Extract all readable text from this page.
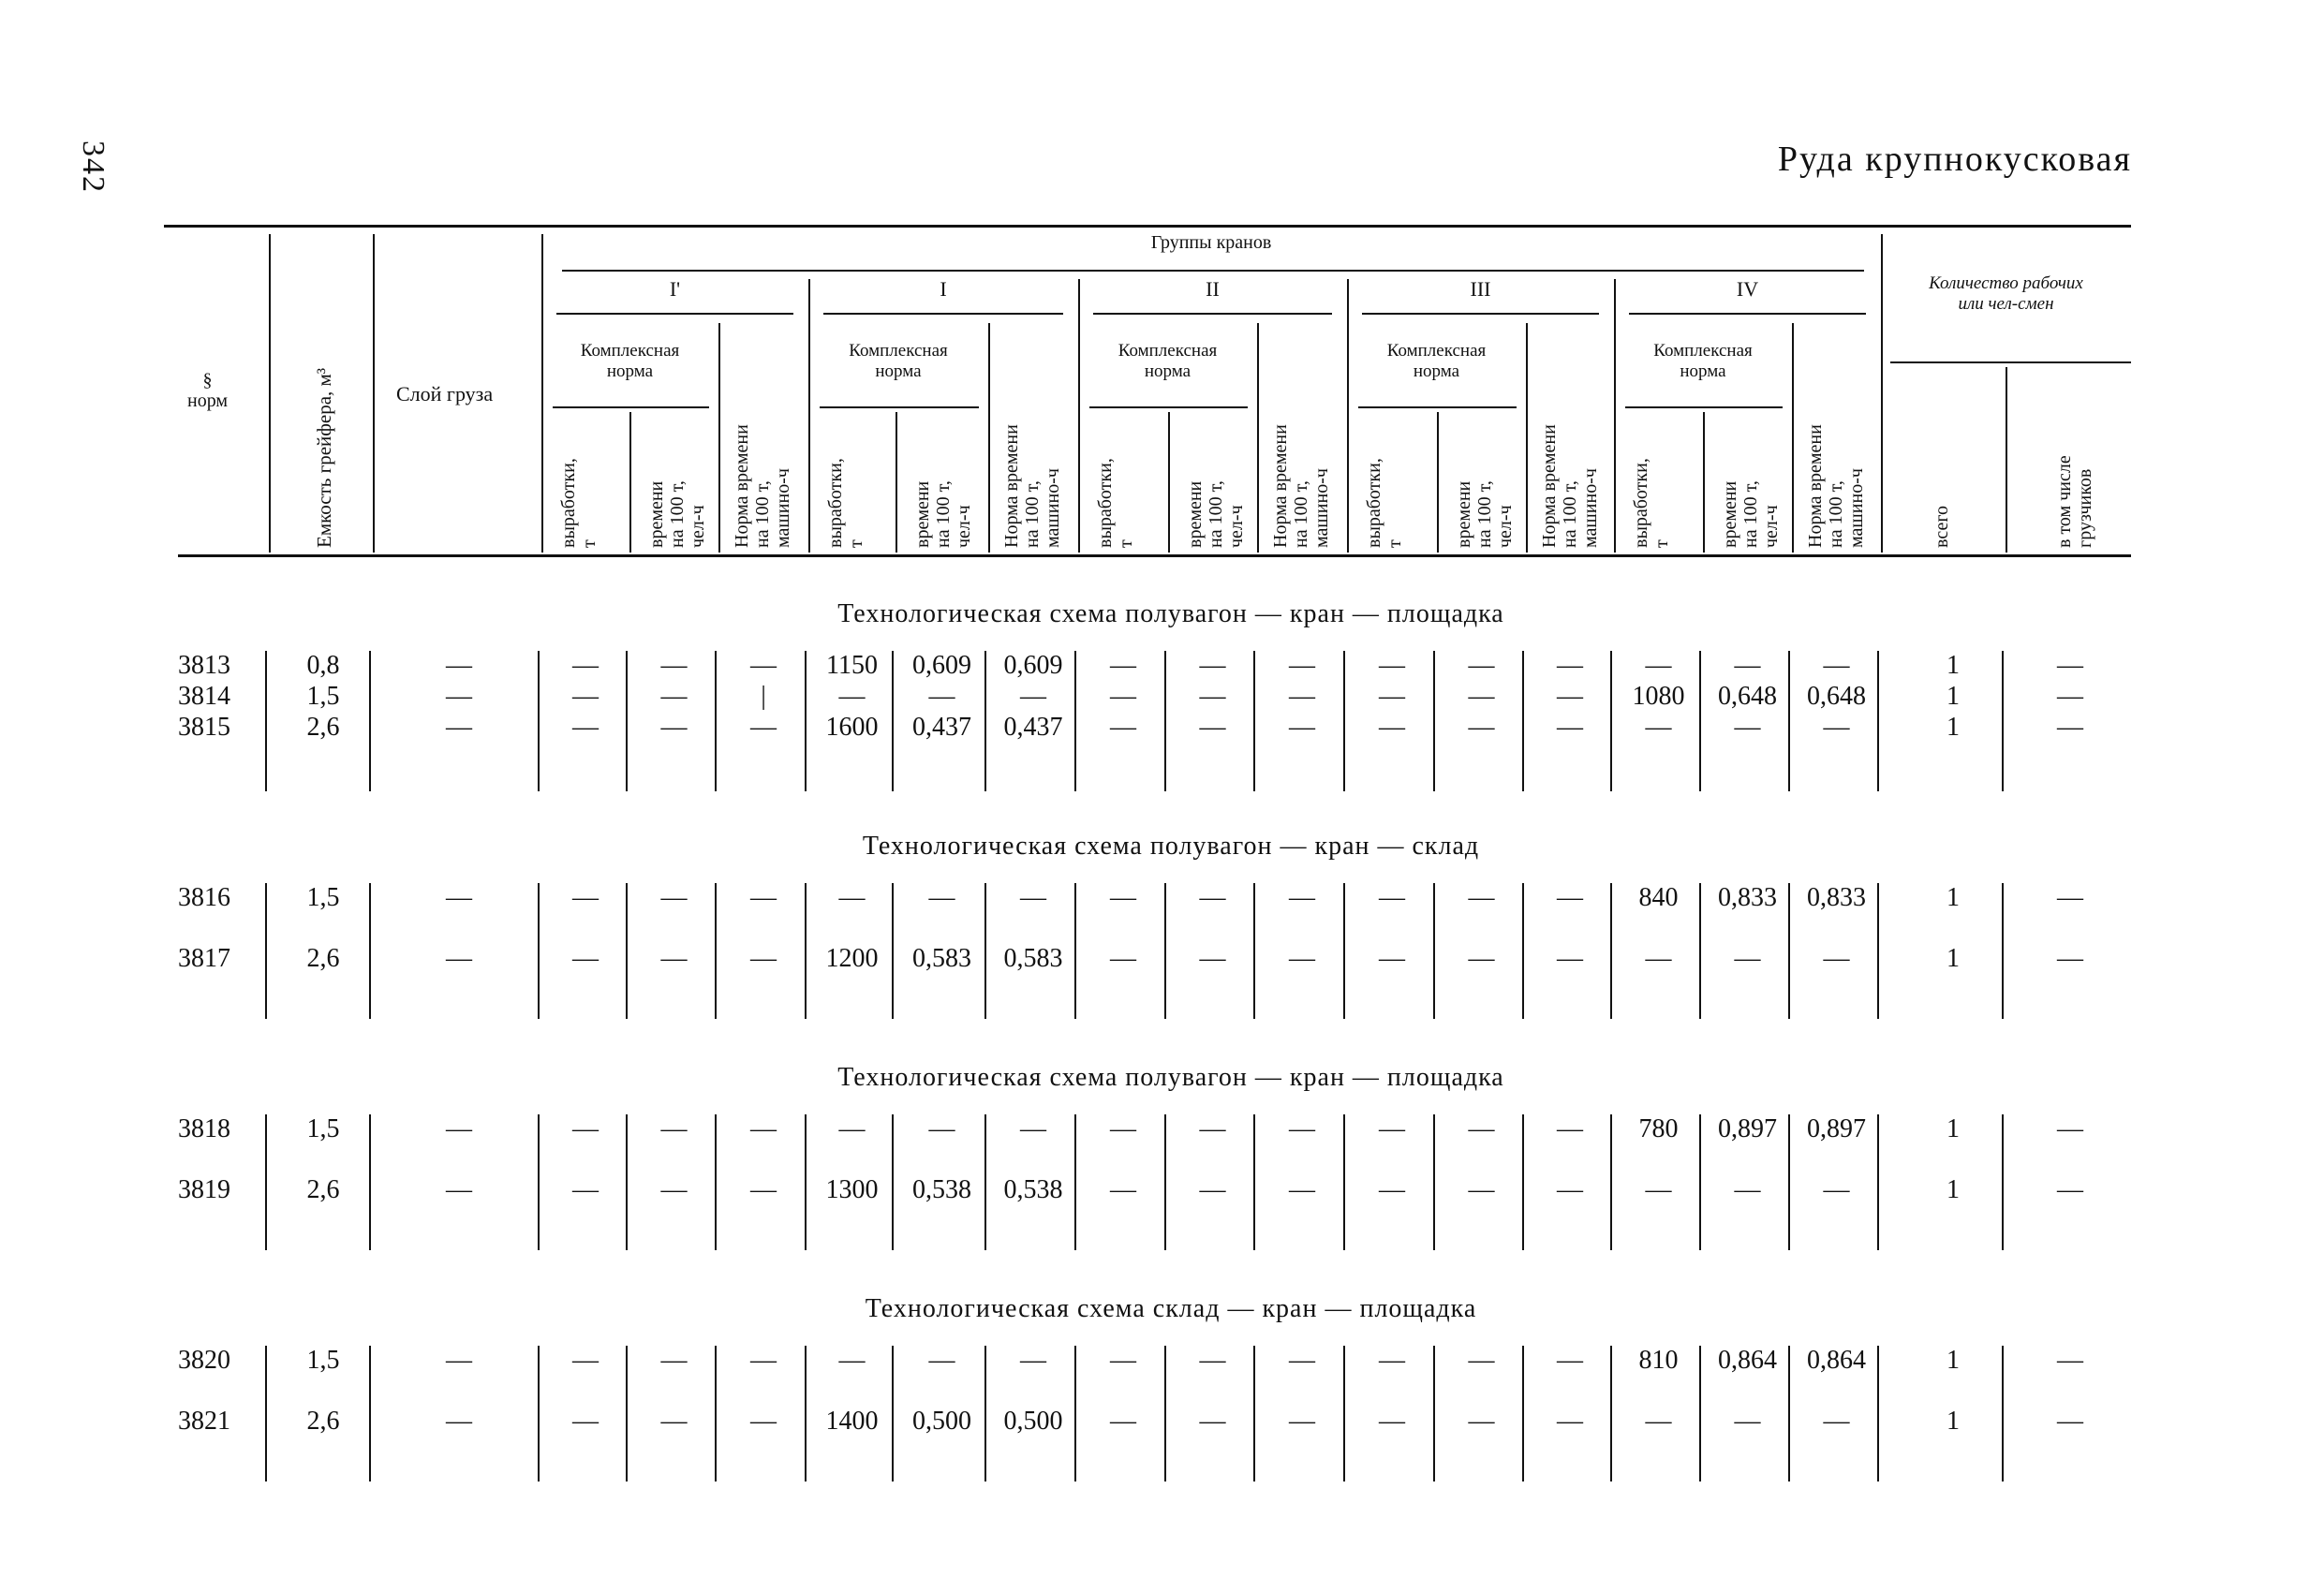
342	Руда крупнокусковая
Группы кранов
I'
Комплексная
норма
выработки,
т	времени
на 100 т,
чел-ч Норма времени
на 100 т,
машино-ч
I
Комплексная
норма
выработки,
т времени
на 100 т,
чел-ч Норма времени
на 100 т,
машино-ч
II
Комплексная
норма
выработки,
т	времени
на 100 т,
чел-ч Норма времени
на 100 т,
машино-ч
III
Комплексная
норма
выработки,
т	времени
на 100 т,
чел-ч Норма времени
на 100 т,
машино-ч
IV
Комплексная
норма
выработки,
т	времени
на 100 т,
чел-ч Норма времени
на 100 т,
машино-ч
§
норм	Емкость грейфера, м³	Слой груза
Количество рабочих
или чел-смен
всего	в том числе
грузчиков
Технологическая схема полувагон — кран — площадка
3813	0,8	—	— — — 1150 0,609 0,609 — — — — — — — — —	1	—
3814	1,5	—	— —	|	— — — — — — — — — 1080 0,648 0,648	1	—
3815	2,6	—	— — — 1600 0,437 0,437 — — — — — — — — —	1	—
Технологическая схема полувагон — кран — склад
3816	1,5	—	— — — — — — — — — — — — 840 0,833 0,833	1	—
3817	2,6	—	— — — 1200 0,583 0,583 — — — — — — — — —	1	—
Технологическая схема полувагон — кран — площадка
3818	1,5	—	— — — — — — — — — — — — 780 0,897 0,897	1	—
3819	2,6	—	— — — 1300 0,538 0,538 — — — — — — — — —	1	—
Технологическая схема склад — кран — площадка
3820	1,5	—	— — — — — — — — — — — — 810 0,864 0,864	1	—
3821	2,6	—	— — — 1400 0,500 0,500 — — — — — — — — —	1	—
